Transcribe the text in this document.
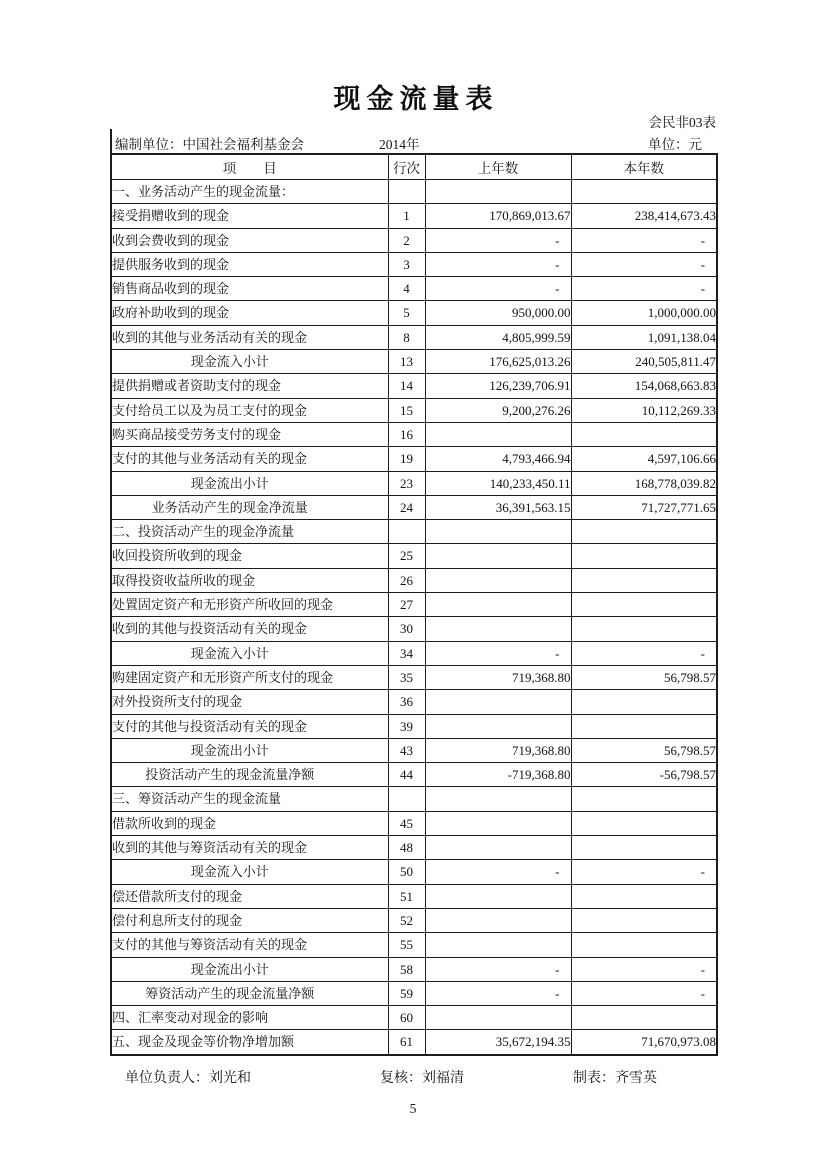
现金流量表
会民非03表
编制单位：中国社会福利基金会	2014年	单位：元
项　　目	行次	上年数	本年数
一、业务活动产生的现金流量：			
接受捐赠收到的现金	1	170,869,013.67	238,414,673.43
收到会费收到的现金	2	-	-
提供服务收到的现金	3	-	-
销售商品收到的现金	4	-	-
政府补助收到的现金	5	950,000.00	1,000,000.00
收到的其他与业务活动有关的现金	8	4,805,999.59	1,091,138.04
现金流入小计	13	176,625,013.26	240,505,811.47
提供捐赠或者资助支付的现金	14	126,239,706.91	154,068,663.83
支付给员工以及为员工支付的现金	15	9,200,276.26	10,112,269.33
购买商品接受劳务支付的现金	16		
支付的其他与业务活动有关的现金	19	4,793,466.94	4,597,106.66
现金流出小计	23	140,233,450.11	168,778,039.82
业务活动产生的现金净流量	24	36,391,563.15	71,727,771.65
二、投资活动产生的现金净流量			
收回投资所收到的现金	25		
取得投资收益所收的现金	26		
处置固定资产和无形资产所收回的现金	27		
收到的其他与投资活动有关的现金	30		
现金流入小计	34	-	-
购建固定资产和无形资产所支付的现金	35	719,368.80	56,798.57
对外投资所支付的现金	36		
支付的其他与投资活动有关的现金	39		
现金流出小计	43	719,368.80	56,798.57
投资活动产生的现金流量净额	44	-719,368.80	-56,798.57
三、筹资活动产生的现金流量			
借款所收到的现金	45		
收到的其他与筹资活动有关的现金	48		
现金流入小计	50	-	-
偿还借款所支付的现金	51		
偿付利息所支付的现金	52		
支付的其他与筹资活动有关的现金	55		
现金流出小计	58	-	-
筹资活动产生的现金流量净额	59	-	-
四、汇率变动对现金的影响	60		
五、现金及现金等价物净增加额	61	35,672,194.35	71,670,973.08
单位负责人：刘光和	复核：刘福清	制表：齐雪英
5
